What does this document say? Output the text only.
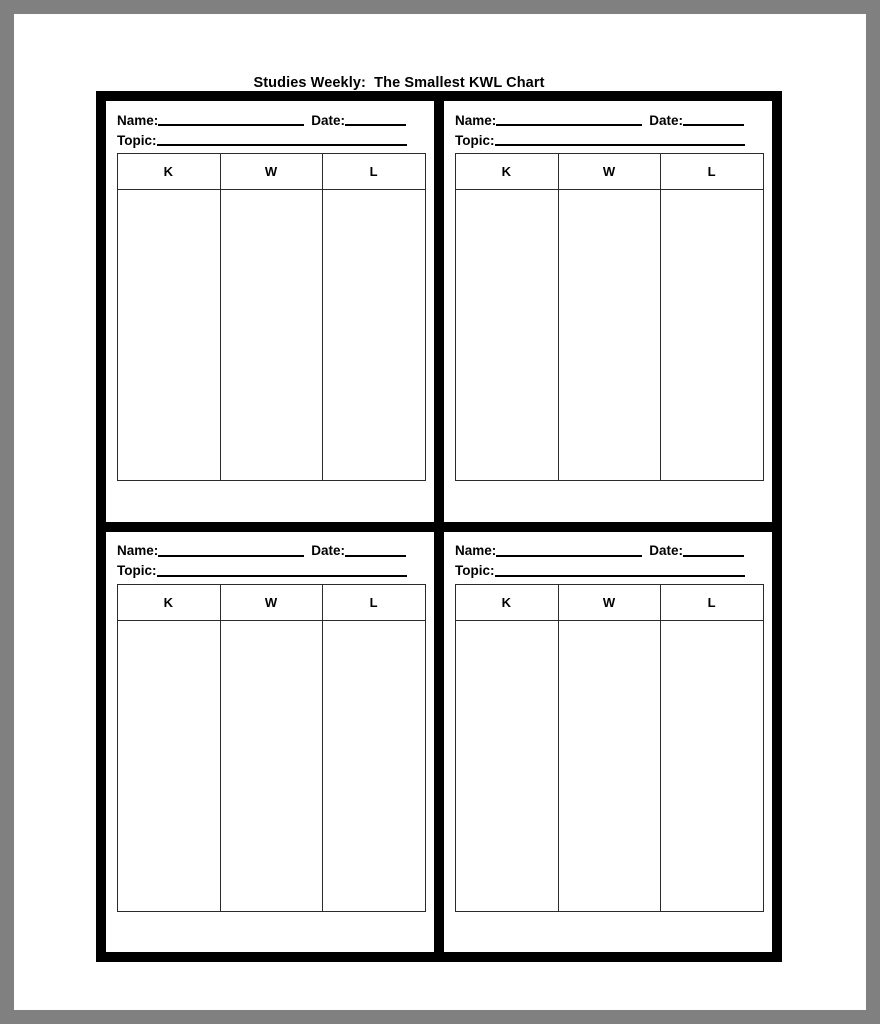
Studies Weekly:  The Smallest KWL Chart
Name:	Date:
Topic:
K	W	L

Name:	Date:
Topic:
K	W	L

Name:	Date:
Topic:
K	W	L

Name:	Date:
Topic:
K	W	L
